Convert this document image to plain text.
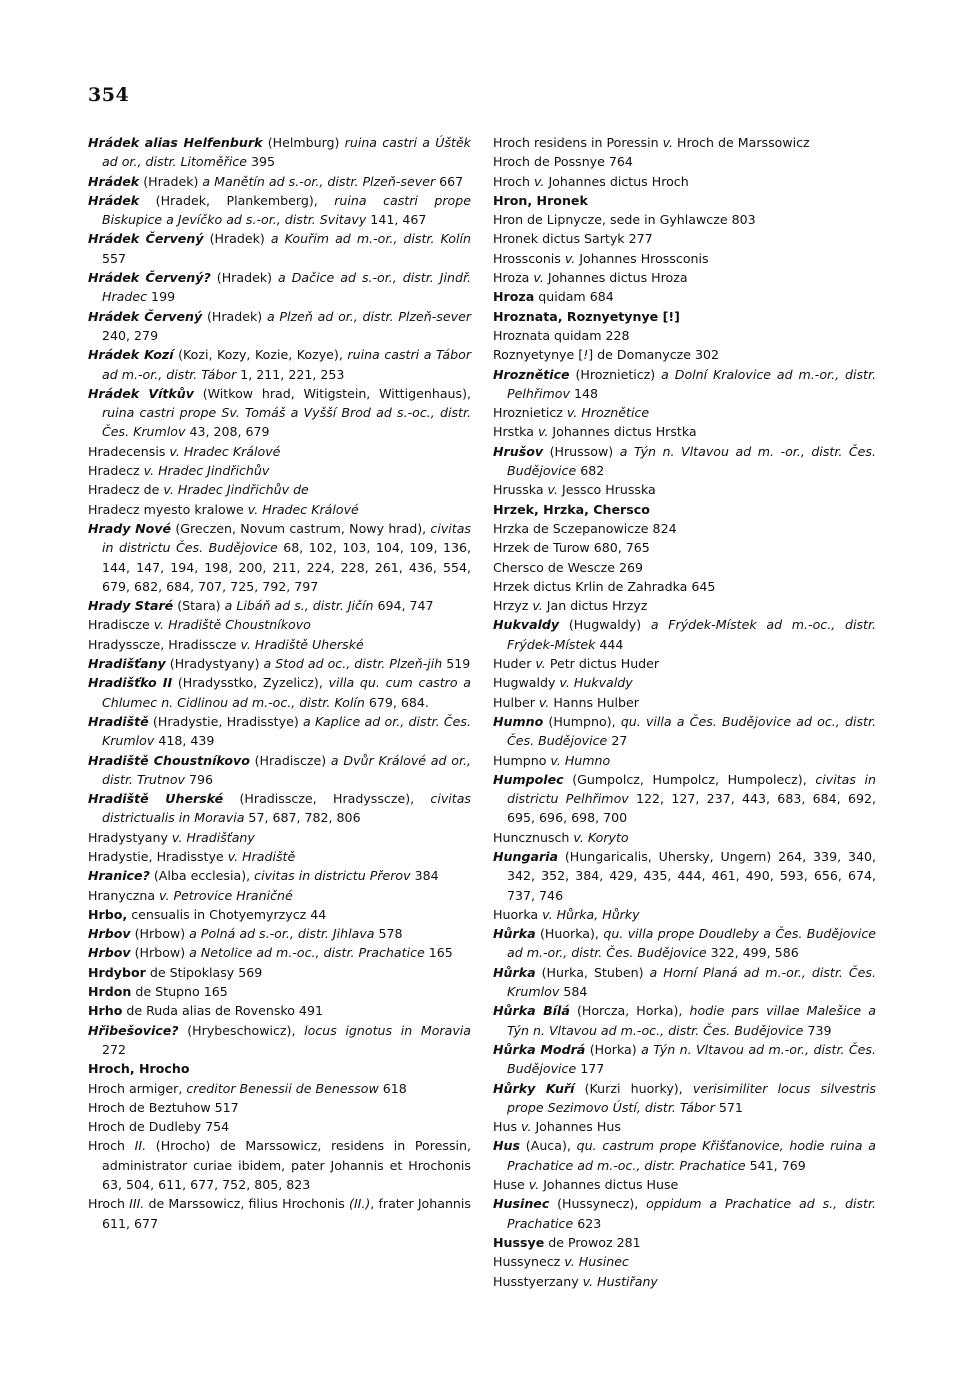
354
Hrádek alias Helfenburk (Helmburg) ruina castri a Úštěk ad or., distr. Litoměřice 395
Hrádek (Hradek) a Manětín ad s.-or., distr. Plzeň-sever 667
Hrádek (Hradek, Plankemberg), ruina castri prope Biskupice a Jevíčko ad s.-or., distr. Svitavy 141, 467
Hrádek Červený (Hradek) a Kouřim ad m.-or., distr. Kolín 557
Hrádek Červený? (Hradek) a Dačice ad s.-or., distr. Jindř. Hradec 199
Hrádek Červený (Hradek) a Plzeň ad or., distr. Plzeň-sever 240, 279
Hrádek Kozí (Kozi, Kozy, Kozie, Kozye), ruina castri a Tábor ad m.-or., distr. Tábor 1, 211, 221, 253
Hrádek Vítkův (Witkow hrad, Witigstein, Wittigenhaus), ruina castri prope Sv. Tomáš a Vyšší Brod ad s.-oc., distr. Čes. Krumlov 43, 208, 679
Hradecensis v. Hradec Králové
Hradecz v. Hradec Jindřichův
Hradecz de v. Hradec Jindřichův de
Hradecz myesto kralowe v. Hradec Králové
Hrady Nové (Greczen, Novum castrum, Nowy hrad), civitas in districtu Čes. Budějovice 68, 102, 103, 104, 109, 136, 144, 147, 194, 198, 200, 211, 224, 228, 261, 436, 554, 679, 682, 684, 707, 725, 792, 797
Hrady Staré (Stara) a Libáň ad s., distr. Jičín 694, 747
Hradiscze v. Hradiště Choustníkovo
Hradysscze, Hradisscze v. Hradiště Uherské
Hradišťany (Hradystyany) a Stod ad oc., distr. Plzeň-jih 519
Hradišťko II (Hradysstko, Zyzelicz), villa qu. cum castro a Chlumec n. Cidlinou ad m.-oc., distr. Kolín 679, 684.
Hradiště (Hradystie, Hradisstye) a Kaplice ad or., distr. Čes. Krumlov 418, 439
Hradiště Choustníkovo (Hradiscze) a Dvůr Králové ad or., distr. Trutnov 796
Hradiště Uherské (Hradisscze, Hradysscze), civitas districtualis in Moravia 57, 687, 782, 806
Hradystyany v. Hradišťany
Hradystie, Hradisstye v. Hradiště
Hranice? (Alba ecclesia), civitas in districtu Přerov 384
Hranyczna v. Petrovice Hraničné
Hrbo, censualis in Chotyemyrzycz 44
Hrbov (Hrbow) a Polná ad s.-or., distr. Jihlava 578
Hrbov (Hrbow) a Netolice ad m.-oc., distr. Prachatice 165
Hrdybor de Stipoklasy 569
Hrdon de Stupno 165
Hrho de Ruda alias de Rovensko 491
Hřibešovice? (Hrybeschowicz), locus ignotus in Moravia 272
Hroch, Hrocho
Hroch armiger, creditor Benessii de Benessow 618
Hroch de Beztuhow 517
Hroch de Dudleby 754
Hroch II. (Hrocho) de Marssowicz, residens in Poressin, administrator curiae ibidem, pater Johannis et Hrochonis 63, 504, 611, 677, 752, 805, 823
Hroch III. de Marssowicz, filius Hrochonis (II.), frater Johannis 611, 677
Hroch residens in Poressin v. Hroch de Marssowicz
Hroch de Possnye 764
Hroch v. Johannes dictus Hroch
Hron, Hronek
Hron de Lipnycze, sede in Gyhlawcze 803
Hronek dictus Sartyk 277
Hrossconis v. Johannes Hrossconis
Hroza v. Johannes dictus Hroza
Hroza quidam 684
Hroznata, Roznyetynye [!]
Hroznata quidam 228
Roznyetynye [!] de Domanycze 302
Hroznětice (Hroznieticz) a Dolní Kralovice ad m.-or., distr. Pelhřimov 148
Hroznieticz v. Hroznětice
Hrstka v. Johannes dictus Hrstka
Hrušov (Hrussow) a Týn n. Vltavou ad m. -or., distr. Čes. Budějovice 682
Hrusska v. Jessco Hrusska
Hrzek, Hrzka, Chersco
Hrzka de Sczepanowicze 824
Hrzek de Turow 680, 765
Chersco de Wescze 269
Hrzek dictus Krlin de Zahradka 645
Hrzyz v. Jan dictus Hrzyz
Hukvaldy (Hugwaldy) a Frýdek-Místek ad m.-oc., distr. Frýdek-Místek 444
Huder v. Petr dictus Huder
Hugwaldy v. Hukvaldy
Hulber v. Hanns Hulber
Humno (Humpno), qu. villa a Čes. Budějovice ad oc., distr. Čes. Budějovice 27
Humpno v. Humno
Humpolec (Gumpolcz, Humpolcz, Humpolecz), civitas in districtu Pelhřimov 122, 127, 237, 443, 683, 684, 692, 695, 696, 698, 700
Huncznusch v. Koryto
Hungaria (Hungaricalis, Uhersky, Ungern) 264, 339, 340, 342, 352, 384, 429, 435, 444, 461, 490, 593, 656, 674, 737, 746
Huorka v. Hůrka, Hůrky
Hůrka (Huorka), qu. villa prope Doudleby a Čes. Budějovice ad m.-or., distr. Čes. Budějovice 322, 499, 586
Hůrka (Hurka, Stuben) a Horní Planá ad m.-or., distr. Čes. Krumlov 584
Hůrka Bílá (Horcza, Horka), hodie pars villae Malešice a Týn n. Vltavou ad m.-oc., distr. Čes. Budějovice 739
Hůrka Modrá (Horka) a Týn n. Vltavou ad m.-or., distr. Čes. Budějovice 177
Hůrky Kuří (Kurzi huorky), verisimiliter locus silvestris prope Sezimovo Ústí, distr. Tábor 571
Hus v. Johannes Hus
Hus (Auca), qu. castrum prope Křišťanovice, hodie ruina a Prachatice ad m.-oc., distr. Prachatice 541, 769
Huse v. Johannes dictus Huse
Husinec (Hussynecz), oppidum a Prachatice ad s., distr. Prachatice 623
Hussye de Prowoz 281
Hussynecz v. Husinec
Husstyerzany v. Hustiřany
